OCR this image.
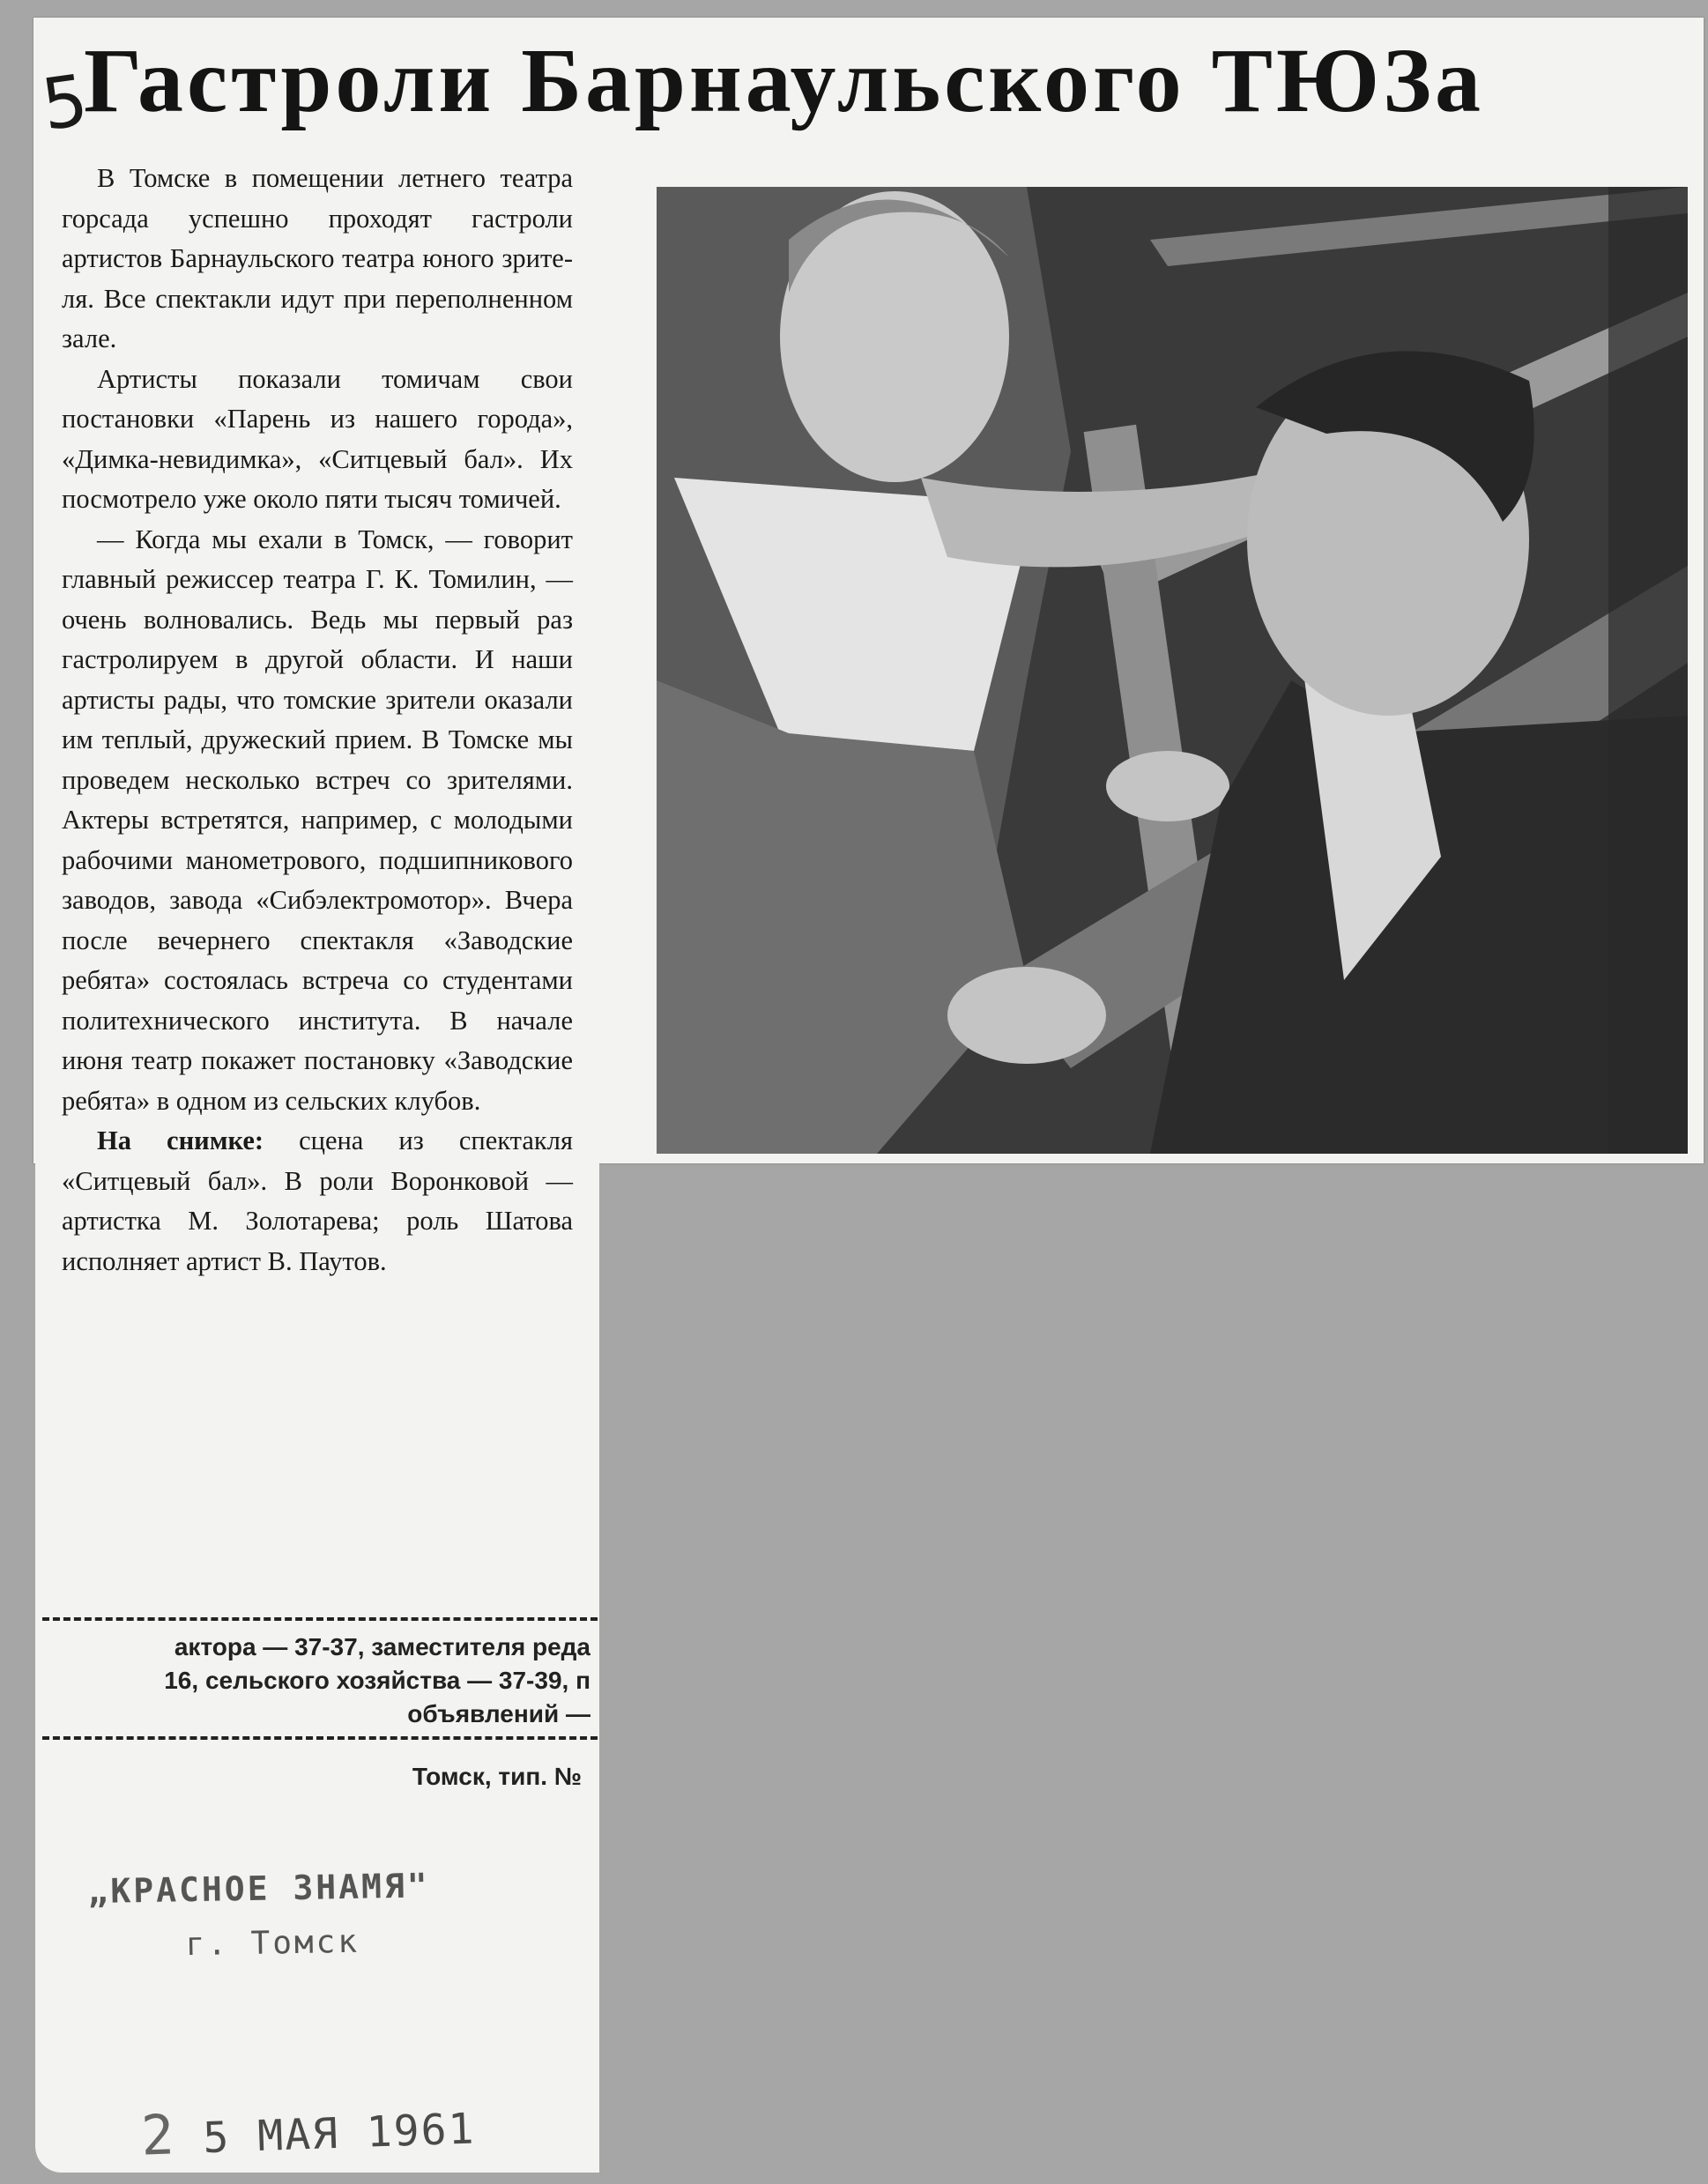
5
Гастроли Барнаульского ТЮЗа

В Томске в помещении летнего театра горсада успешно проходят гастроли артистов Барнаульского театра юного зрителя. Все спектакли идут при переполненном зале.

Артисты показали томичам свои постановки «Парень из нашего города», «Димка-невидимка», «Ситцевый бал». Их посмотрело уже около пяти тысяч томичей.

— Когда мы ехали в Томск, — говорит главный режиссер театра Г. К. Томилин, — очень волновались. Ведь мы первый раз гастролируем в другой области. И наши артисты рады, что томские зрители оказали им теплый, дружеский прием. В Томске мы проведем несколько встреч со зрителями. Актеры встретятся, например, с молодыми рабочими манометрового, подшипникового заводов, завода «Сибэлектромотор». Вчера после вечернего спектакля «Заводские ребята» состоялась встреча со студентами политехнического института. В начале июня театр покажет постановку «Заводские ребята» в одном из сельских клубов.

На снимке: сцена из спектакля «Ситцевый бал». В роли Воронковой — артистка М. Золотарева; роль Шатова исполняет артист В. Паутов.

актора — 37-37, заместителя реда
16, сельского хозяйства — 37-39, п
объявлений —
Томск, тип. №
„КРАСНОЕ ЗНАМЯ"
г. Томск
2 5 МАЯ 1961
